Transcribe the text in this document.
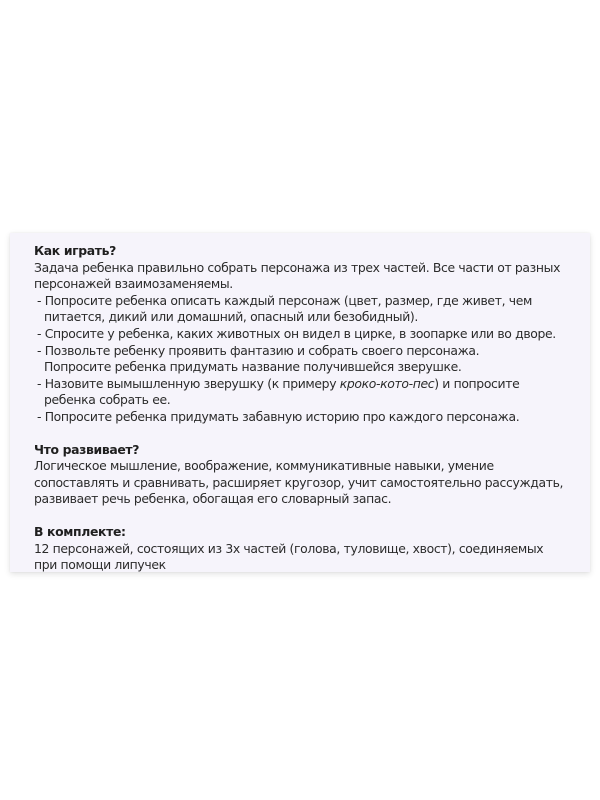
Как играть?

Задача ребенка правильно собрать персонажа из трех частей. Все части от разных персонажей взаимозаменяемы.

- Попросите ребенка описать каждый персонаж (цвет, размер, где живет, чем питается, дикий или домашний, опасный или безобидный).

- Спросите у ребенка, каких животных он видел в цирке, в зоопарке или во дворе.

- Позвольте ребенку проявить фантазию и собрать своего персонажа.

Попросите ребенка придумать название получившейся зверушке.

- Назовите вымышленную зверушку (к примеру кроко-кото-пес) и попросите ребенка собрать ее.

- Попросите ребенка придумать забавную историю про каждого персонажа.

Что развивает?

Логическое мышление, воображение, коммуникативные навыки, умение сопоставлять и сравнивать, расширяет кругозор, учит самостоятельно рассуждать, развивает речь ребенка, обогащая его словарный запас.

В комплекте:

12 персонажей, состоящих из 3х частей (голова, туловище, хвост), соединяемых при помощи липучек
